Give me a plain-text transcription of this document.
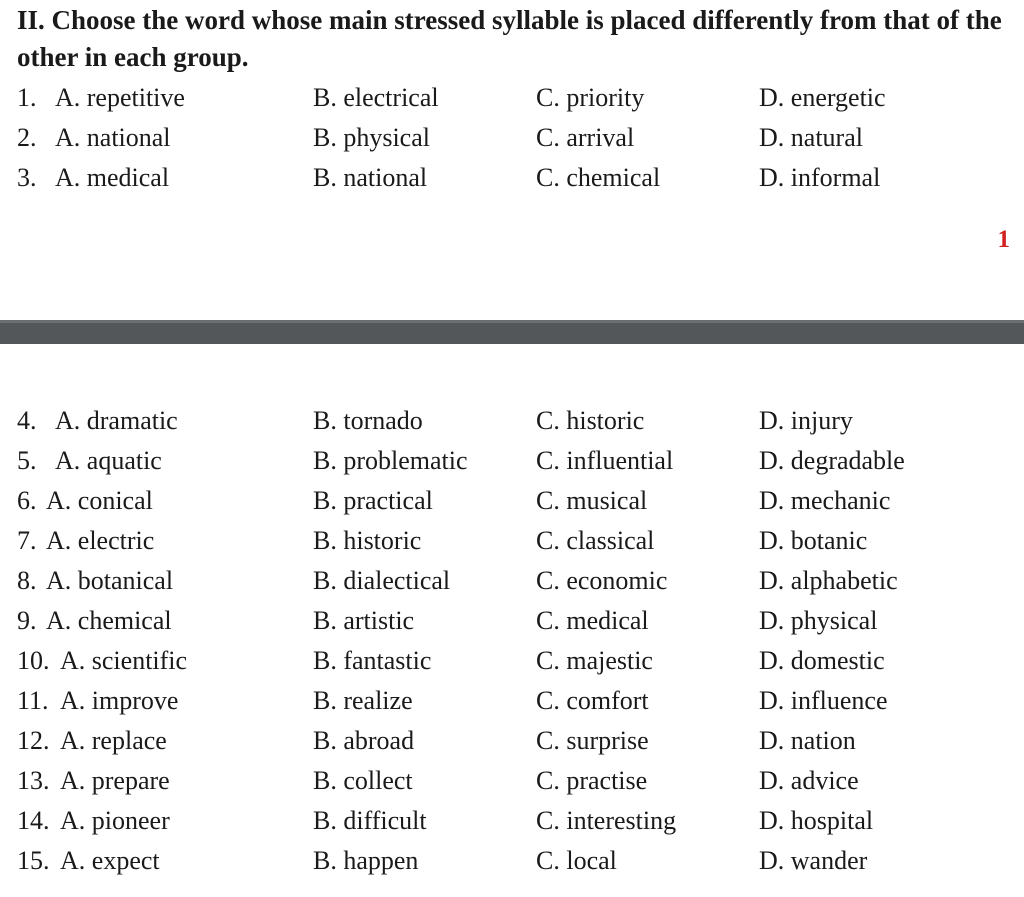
II. Choose the word whose main stressed syllable is placed differently from that of the other in each group.

1. A. repetitive	B. electrical	C. priority	D. energetic
2. A. national	B. physical	C. arrival	D. natural
3. A. medical	B. national	C. chemical	D. informal
1
4. A. dramatic	B. tornado	C. historic	D. injury
5. A. aquatic	B. problematic	C. influential	D. degradable
6. A. conical	B. practical	C. musical	D. mechanic
7. A. electric	B. historic	C. classical	D. botanic
8. A. botanical	B. dialectical	C. economic	D. alphabetic
9. A. chemical	B. artistic	C. medical	D. physical
10. A. scientific	B. fantastic	C. majestic	D. domestic
11. A. improve	B. realize	C. comfort	D. influence
12. A. replace	B. abroad	C. surprise	D. nation
13. A. prepare	B. collect	C. practise	D. advice
14. A. pioneer	B. difficult	C. interesting	D. hospital
15. A. expect	B. happen	C. local	D. wander
